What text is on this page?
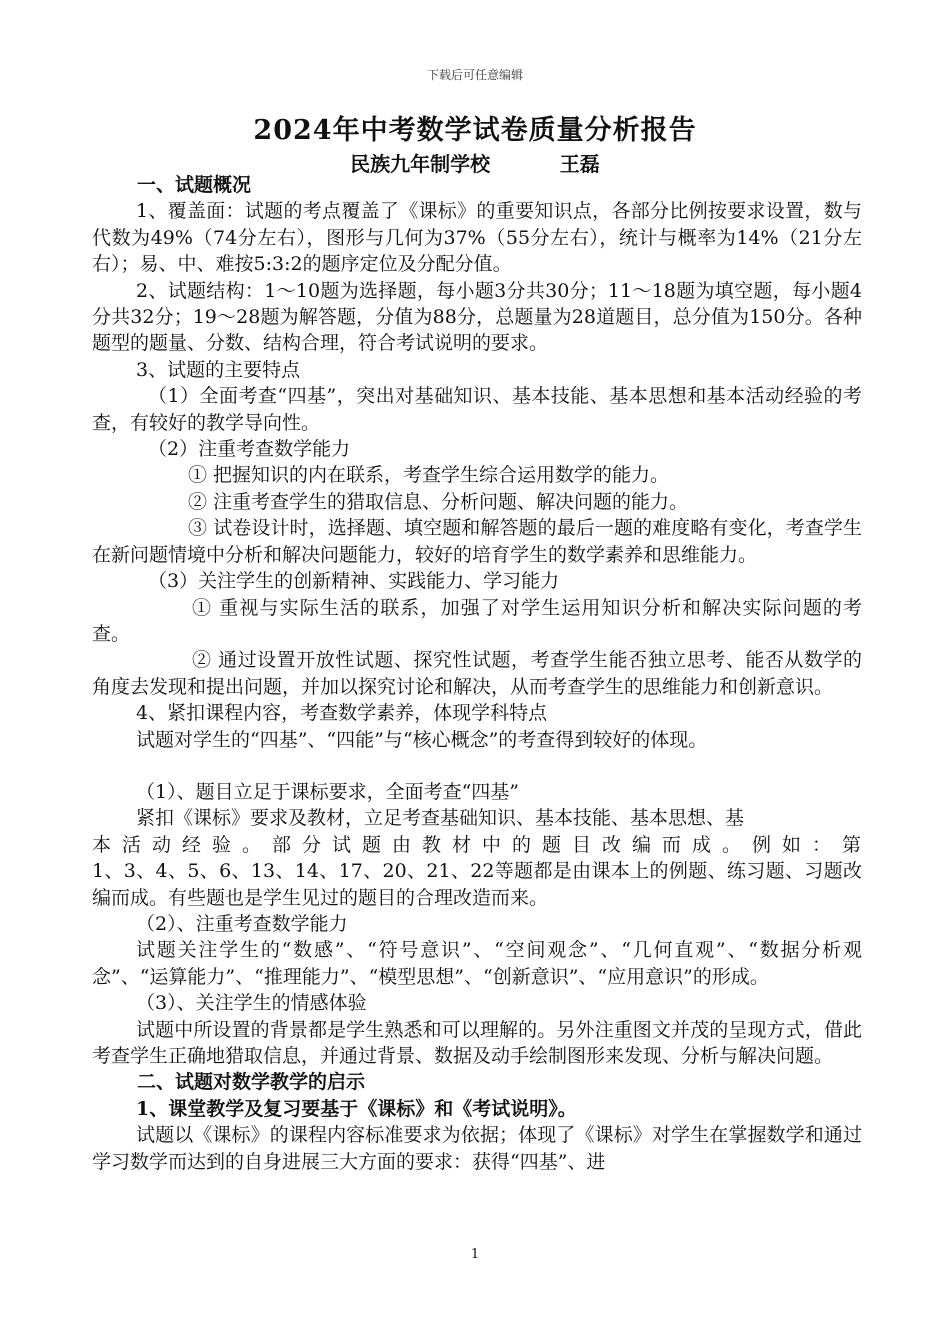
下载后可任意编辑
2024年中考数学试卷质量分析报告
民族九年制学校          王磊

一、试题概况

1、覆盖面：试题的考点覆盖了《课标》的重要知识点，各部分比例按要求设置，数与代数为49%（74分左右），图形与几何为37%（55分左右），统计与概率为14%（21分左右）；易、中、难按5:3:2的题序定位及分配分值。

2、试题结构：1～10题为选择题，每小题3分共30分；11～18题为填空题，每小题4分共32分；19～28题为解答题，分值为88分，总题量为28道题目，总分值为150分。各种题型的题量、分数、结构合理，符合考试说明的要求。

3、试题的主要特点

（1）全面考查“四基”，突出对基础知识、基本技能、基本思想和基本活动经验的考查，有较好的教学导向性。

（2）注重考查数学能力

① 把握知识的内在联系，考查学生综合运用数学的能力。

② 注重考查学生的猎取信息、分析问题、解决问题的能力。

③ 试卷设计时，选择题、填空题和解答题的最后一题的难度略有变化，考查学生在新问题情境中分析和解决问题能力，较好的培育学生的数学素养和思维能力。

（3）关注学生的创新精神、实践能力、学习能力

① 重视与实际生活的联系，加强了对学生运用知识分析和解决实际问题的考查。

② 通过设置开放性试题、探究性试题，考查学生能否独立思考、能否从数学的角度去发现和提出问题，并加以探究讨论和解决，从而考查学生的思维能力和创新意识。

4、紧扣课程内容，考查数学素养，体现学科特点

试题对学生的“四基”、“四能”与“核心概念”的考查得到较好的体现。

（1）、题目立足于课标要求，全面考查“四基”

紧扣《课标》要求及教材，立足考查基础知识、基本技能、基本思想、基

本活动经验。部分试题由教材中的题目改编而成。例如：第

1、3、4、5、6、13、14、17、20、21、22等题都是由课本上的例题、练习题、习题改编而成。有些题也是学生见过的题目的合理改造而来。

（2）、注重考查数学能力

试题关注学生的“数感”、“符号意识”、“空间观念”、“几何直观”、“数据分析观念”、“运算能力”、“推理能力”、“模型思想”、“创新意识”、“应用意识”的形成。

（3）、关注学生的情感体验

试题中所设置的背景都是学生熟悉和可以理解的。另外注重图文并茂的呈现方式，借此考查学生正确地猎取信息，并通过背景、数据及动手绘制图形来发现、分析与解决问题。

二、试题对数学教学的启示

1、课堂教学及复习要基于《课标》和《考试说明》。

试题以《课标》的课程内容标准要求为依据；体现了《课标》对学生在掌握数学和通过学习数学而达到的自身进展三大方面的要求：获得“四基”、进

1
